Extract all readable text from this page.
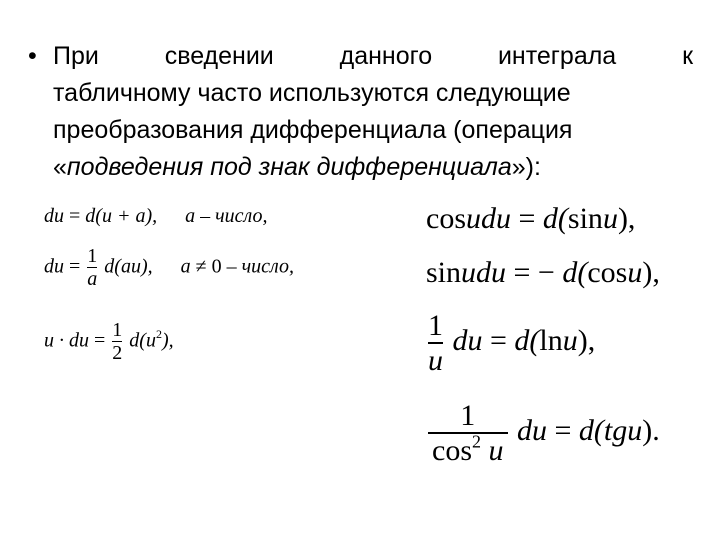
• При	сведении	данного	интеграла	к
табличному часто используются следующие
преобразования дифференциала (операция
«подведения под знак дифференциала»):
du = d(u + a), a – число,
du = $\frac{1}{a} d(au)$, a ≠ 0 – число,
u · du = $\frac{1}{2} d(u^2)$,
cosudu = d(sinu),
sinudu = − d(cosu),
$\frac{1}{u}$ du = d(lnu),
$\frac{1}{\cos^2 u}$ du = d(tgu).
